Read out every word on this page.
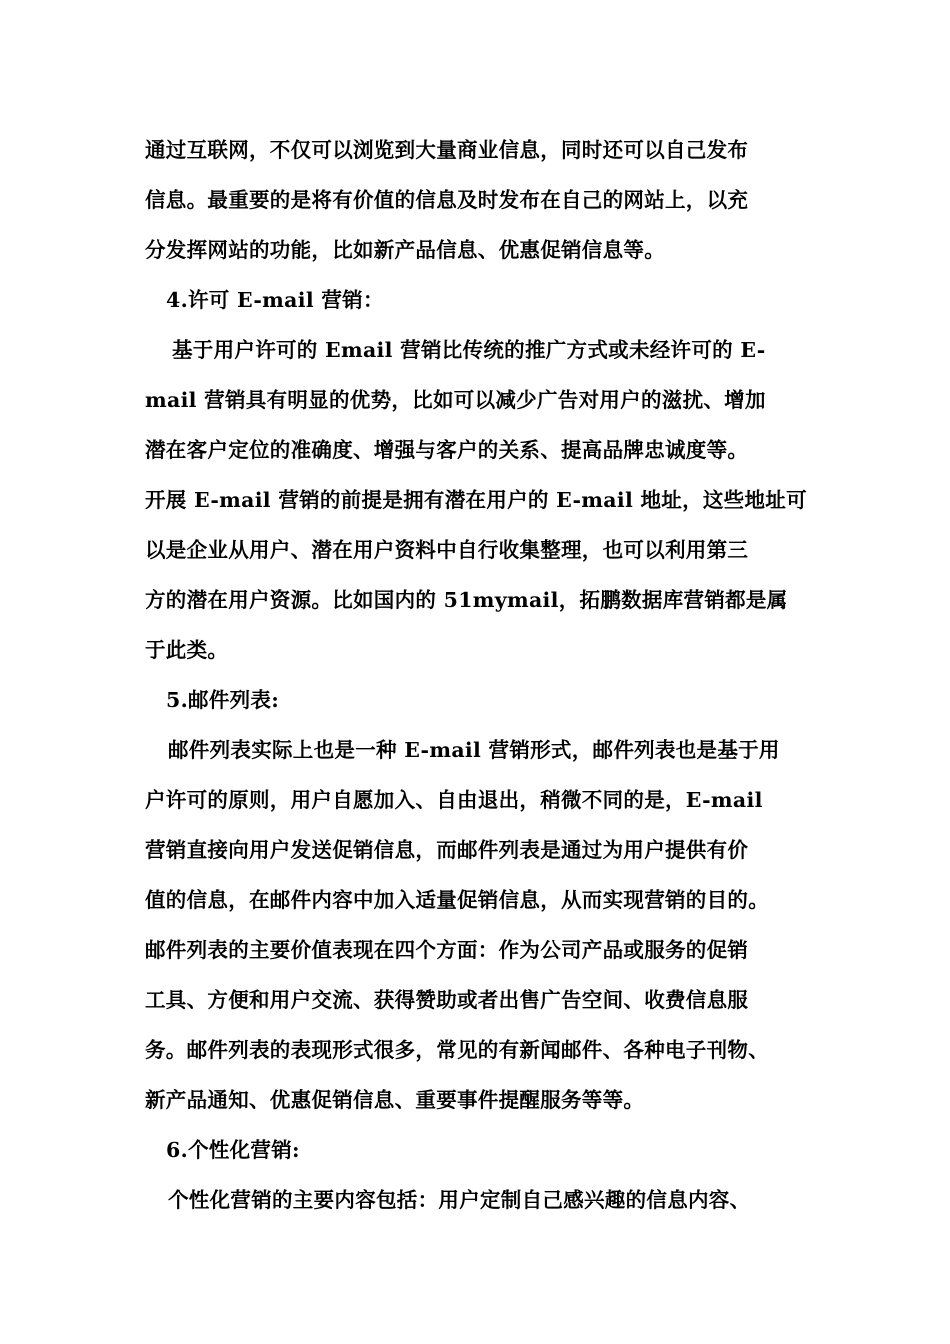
通过互联网，不仅可以浏览到大量商业信息，同时还可以自己发布
信息。最重要的是将有价值的信息及时发布在自己的网站上，以充
分发挥网站的功能，比如新产品信息、优惠促销信息等。
4.许可 E-mail 营销：
基于用户许可的 Email 营销比传统的推广方式或未经许可的 E-
mail 营销具有明显的优势，比如可以减少广告对用户的滋扰、增加
潜在客户定位的准确度、增强与客户的关系、提高品牌忠诚度等。
开展 E-mail 营销的前提是拥有潜在用户的 E-mail 地址，这些地址可
以是企业从用户、潜在用户资料中自行收集整理，也可以利用第三
方的潜在用户资源。比如国内的 51mymail，拓鹏数据库营销都是属
于此类。
5.邮件列表:
邮件列表实际上也是一种 E-mail 营销形式，邮件列表也是基于用
户许可的原则，用户自愿加入、自由退出，稍微不同的是，E-mail
营销直接向用户发送促销信息，而邮件列表是通过为用户提供有价
值的信息，在邮件内容中加入适量促销信息，从而实现营销的目的。
邮件列表的主要价值表现在四个方面：作为公司产品或服务的促销
工具、方便和用户交流、获得赞助或者出售广告空间、收费信息服
务。邮件列表的表现形式很多，常见的有新闻邮件、各种电子刊物、
新产品通知、优惠促销信息、重要事件提醒服务等等。
6.个性化营销:
个性化营销的主要内容包括：用户定制自己感兴趣的信息内容、
